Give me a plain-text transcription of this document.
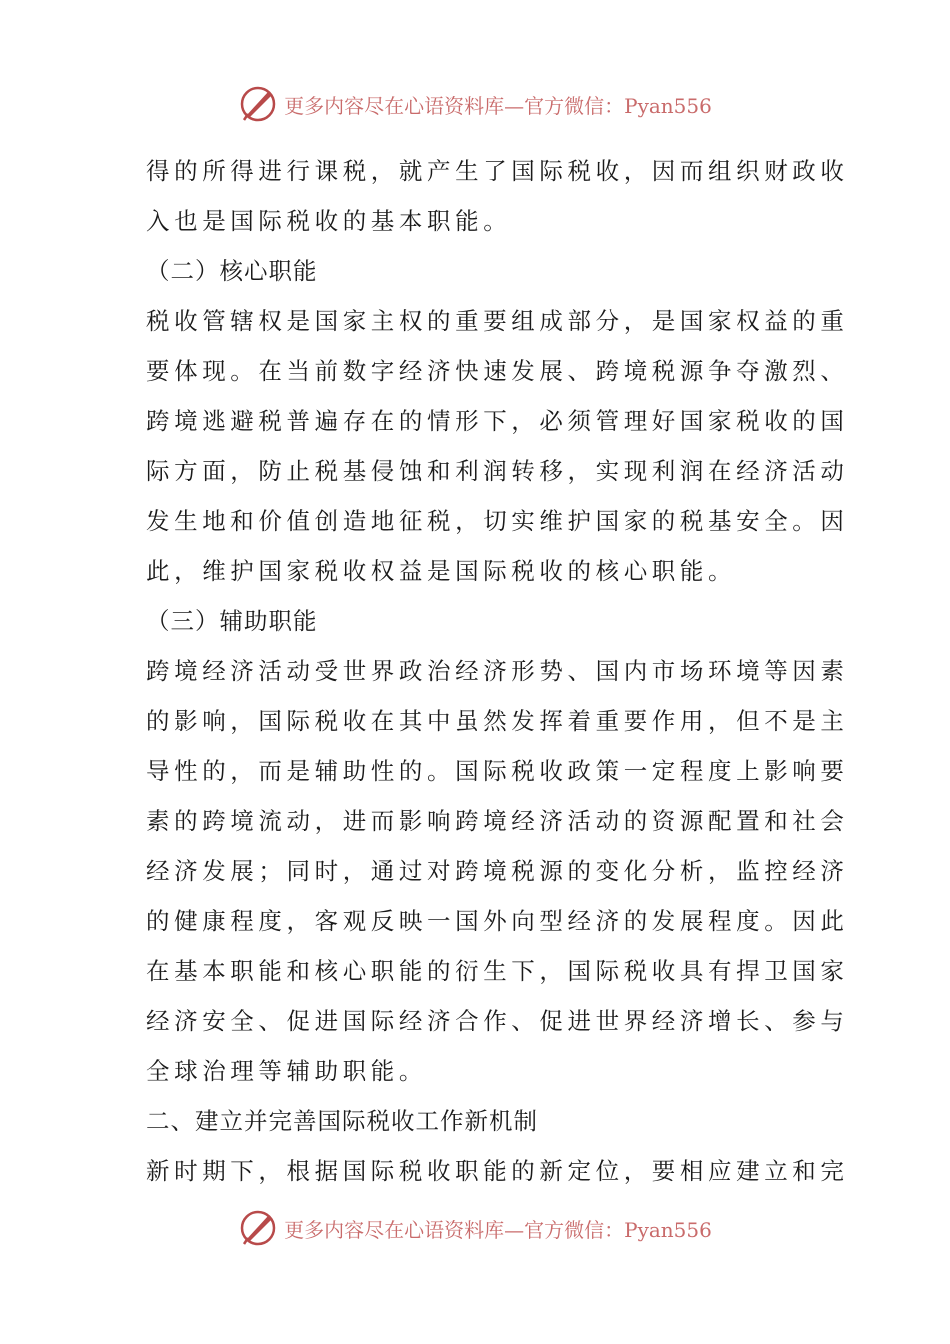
更多内容尽在心语资料库—官方微信：Pyan556
得的所得进行课税，就产生了国际税收，因而组织财政收
入也是国际税收的基本职能。
（二）核心职能
税收管辖权是国家主权的重要组成部分，是国家权益的重
要体现。在当前数字经济快速发展、跨境税源争夺激烈、
跨境逃避税普遍存在的情形下，必须管理好国家税收的国
际方面，防止税基侵蚀和利润转移，实现利润在经济活动
发生地和价值创造地征税，切实维护国家的税基安全。因
此，维护国家税收权益是国际税收的核心职能。
（三）辅助职能
跨境经济活动受世界政治经济形势、国内市场环境等因素
的影响，国际税收在其中虽然发挥着重要作用，但不是主
导性的，而是辅助性的。国际税收政策一定程度上影响要
素的跨境流动，进而影响跨境经济活动的资源配置和社会
经济发展；同时，通过对跨境税源的变化分析，监控经济
的健康程度，客观反映一国外向型经济的发展程度。因此
在基本职能和核心职能的衍生下，国际税收具有捍卫国家
经济安全、促进国际经济合作、促进世界经济增长、参与
全球治理等辅助职能。
二、建立并完善国际税收工作新机制
新时期下，根据国际税收职能的新定位，要相应建立和完
更多内容尽在心语资料库—官方微信：Pyan556
